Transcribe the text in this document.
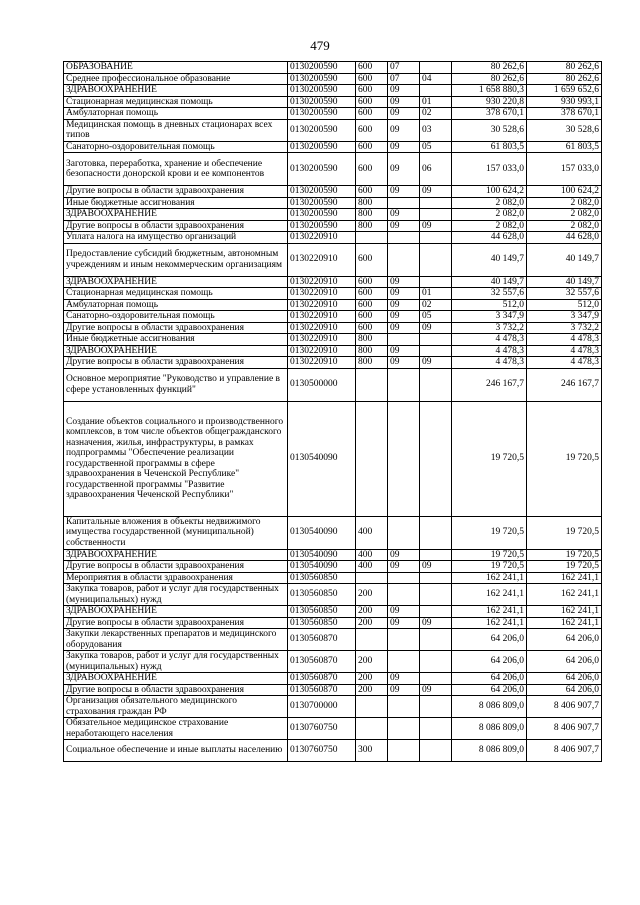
479
ОБРАЗОВАНИЕ	0130200590	600	07		80 262,6	80 262,6
Среднее профессиональное образование	0130200590	600	07	04	80 262,6	80 262,6
ЗДРАВООХРАНЕНИЕ	0130200590	600	09		1 658 880,3	1 659 652,6
Стационарная медицинская помощь	0130200590	600	09	01	930 220,8	930 993,1
Амбулаторная помощь	0130200590	600	09	02	378 670,1	378 670,1
Медицинская помощь в дневных стационарах всех типов	0130200590	600	09	03	30 528,6	30 528,6
Санаторно-оздоровительная помощь	0130200590	600	09	05	61 803,5	61 803,5
Заготовка, переработка, хранение и обеспечение безопасности донорской крови и ее компонентов	0130200590	600	09	06	157 033,0	157 033,0
Другие вопросы в области здравоохранения	0130200590	600	09	09	100 624,2	100 624,2
Иные бюджетные ассигнования	0130200590	800			2 082,0	2 082,0
ЗДРАВООХРАНЕНИЕ	0130200590	800	09		2 082,0	2 082,0
Другие вопросы в области здравоохранения	0130200590	800	09	09	2 082,0	2 082,0
Уплата налога на имущество организаций	0130220910				44 628,0	44 628,0
Предоставление субсидий бюджетным, автономным учреждениям и иным некоммерческим организациям	0130220910	600			40 149,7	40 149,7
ЗДРАВООХРАНЕНИЕ	0130220910	600	09		40 149,7	40 149,7
Стационарная медицинская помощь	0130220910	600	09	01	32 557,6	32 557,6
Амбулаторная помощь	0130220910	600	09	02	512,0	512,0
Санаторно-оздоровительная помощь	0130220910	600	09	05	3 347,9	3 347,9
Другие вопросы в области здравоохранения	0130220910	600	09	09	3 732,2	3 732,2
Иные бюджетные ассигнования	0130220910	800			4 478,3	4 478,3
ЗДРАВООХРАНЕНИЕ	0130220910	800	09		4 478,3	4 478,3
Другие вопросы в области здравоохранения	0130220910	800	09	09	4 478,3	4 478,3
Основное мероприятие "Руководство и управление в сфере установленных функций"	0130500000				246 167,7	246 167,7
Создание объектов социального и производственного комплексов, в том числе объектов общегражданского назначения, жилья, инфраструктуры, в рамках подпрограммы "Обеспечение реализации государственной программы в сфере здравоохранения в Чеченской Республике" государственной программы "Развитие здравоохранения Чеченской Республики"	0130540090				19 720,5	19 720,5
Капитальные вложения в объекты недвижимого имущества государственной (муниципальной) собственности	0130540090	400			19 720,5	19 720,5
ЗДРАВООХРАНЕНИЕ	0130540090	400	09		19 720,5	19 720,5
Другие вопросы в области здравоохранения	0130540090	400	09	09	19 720,5	19 720,5
Мероприятия в области здравоохранения	0130560850				162 241,1	162 241,1
Закупка товаров, работ и услуг для государственных (муниципальных) нужд	0130560850	200			162 241,1	162 241,1
ЗДРАВООХРАНЕНИЕ	0130560850	200	09		162 241,1	162 241,1
Другие вопросы в области здравоохранения	0130560850	200	09	09	162 241,1	162 241,1
Закупки лекарственных препаратов и медицинского оборудования	0130560870				64 206,0	64 206,0
Закупка товаров, работ и услуг для государственных (муниципальных) нужд	0130560870	200			64 206,0	64 206,0
ЗДРАВООХРАНЕНИЕ	0130560870	200	09		64 206,0	64 206,0
Другие вопросы в области здравоохранения	0130560870	200	09	09	64 206,0	64 206,0
Организация обязательного медицинского страхования граждан РФ	0130700000				8 086 809,0	8 406 907,7
Обязательное медицинское страхование неработающего населения	0130760750				8 086 809,0	8 406 907,7
Социальное обеспечение и иные выплаты населению	0130760750	300			8 086 809,0	8 406 907,7
